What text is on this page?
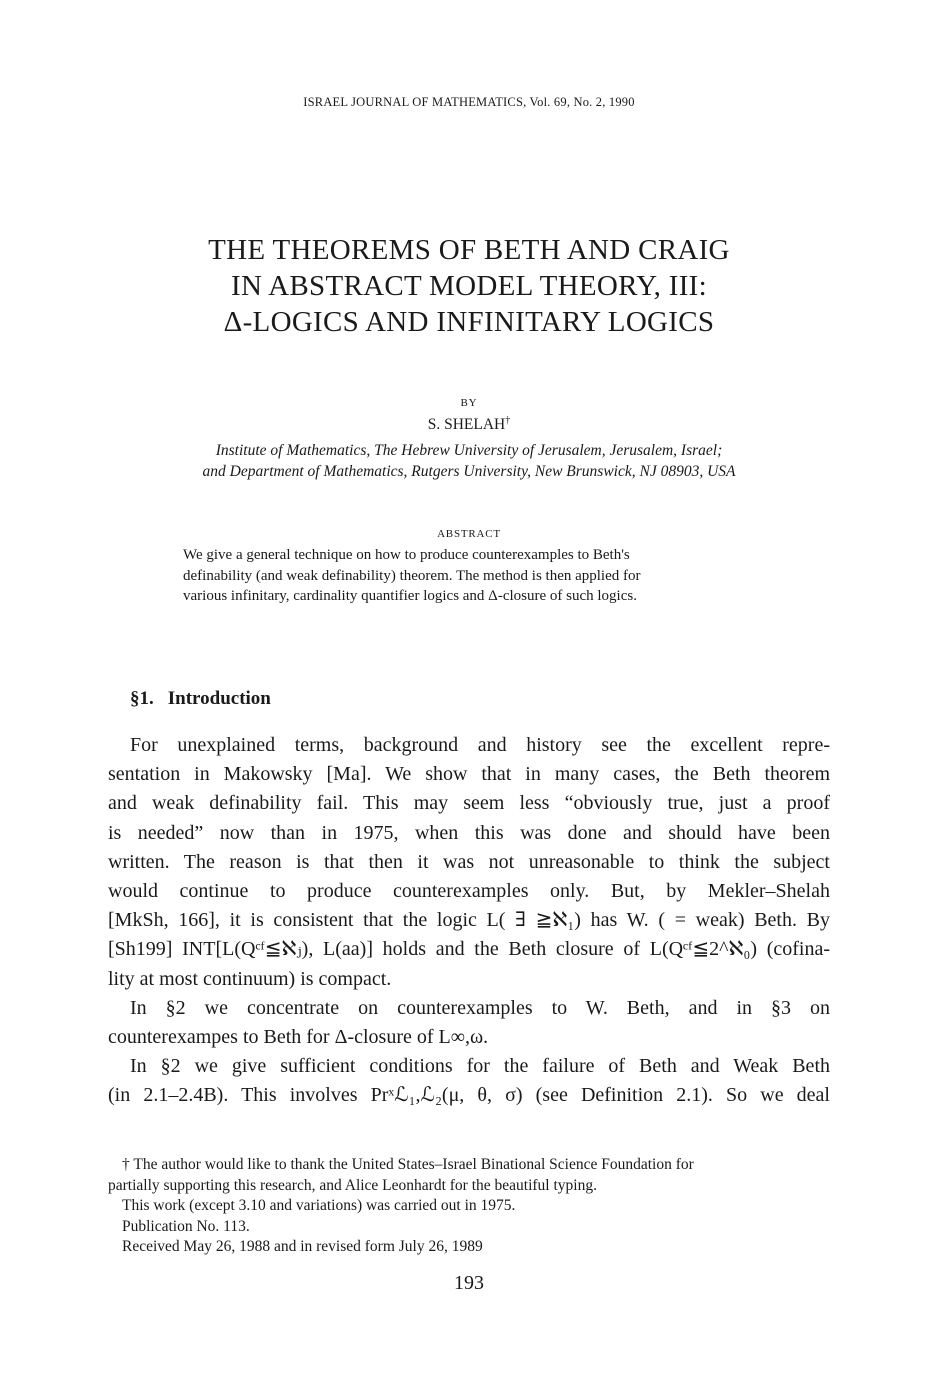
ISRAEL JOURNAL OF MATHEMATICS, Vol. 69, No. 2, 1990
THE THEOREMS OF BETH AND CRAIG
IN ABSTRACT MODEL THEORY, III:
Δ-LOGICS AND INFINITARY LOGICS
BY
S. SHELAH†
Institute of Mathematics, The Hebrew University of Jerusalem, Jerusalem, Israel;
and Department of Mathematics, Rutgers University, New Brunswick, NJ 08903, USA
ABSTRACT
We give a general technique on how to produce counterexamples to Beth's
definability (and weak definability) theorem. The method is then applied for
various infinitary, cardinality quantifier logics and Δ-closure of such logics.
§1. Introduction
For unexplained terms, background and history see the excellent repre-
sentation in Makowsky [Ma]. We show that in many cases, the Beth theorem
and weak definability fail. This may seem less “obviously true, just a proof
is needed” now than in 1975, when this was done and should have been
written. The reason is that then it was not unreasonable to think the subject
would continue to produce counterexamples only. But, by Mekler–Shelah
[MkSh, 166], it is consistent that the logic L( ∃ ≧ℵ₁) has W. ( = weak) Beth. By
[Sh199] INT[L(Qᶜᶠ≦ℵⱼ), L(aa)] holds and the Beth closure of L(Qᶜᶠ≦2^ℵ₀) (cofina-
lity at most continuum) is compact.
In §2 we concentrate on counterexamples to W. Beth, and in §3 on
counterexampes to Beth for Δ-closure of L∞,ω.
In §2 we give sufficient conditions for the failure of Beth and Weak Beth
(in 2.1–2.4B). This involves Prˣℒ₁,ℒ₂(μ, θ, σ) (see Definition 2.1). So we deal
† The author would like to thank the United States–Israel Binational Science Foundation for
partially supporting this research, and Alice Leonhardt for the beautiful typing.
This work (except 3.10 and variations) was carried out in 1975.
Publication No. 113.
Received May 26, 1988 and in revised form July 26, 1989
193
